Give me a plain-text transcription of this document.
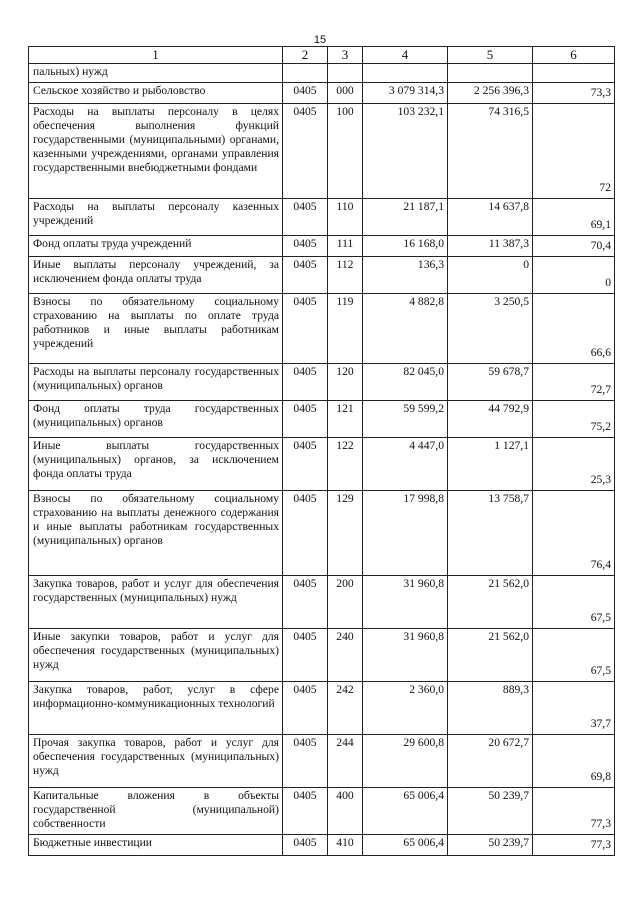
15
1	2	3	4	5	6
пальных) нужд					
Сельское хозяйство и рыболовство	0405	000	3 079 314,3	2 256 396,3	73,3
Расходы на выплаты персоналу в целях обеспечения выполнения функций государственными (муниципальными) органами, казенными учреждениями, органами управления государственными внебюджетными фондами	0405	100	103 232,1	74 316,5	72
Расходы на выплаты персоналу казенных учреждений	0405	110	21 187,1	14 637,8	69,1
Фонд оплаты труда учреждений	0405	111	16 168,0	11 387,3	70,4
Иные выплаты персоналу учреждений, за исключением фонда оплаты труда	0405	112	136,3	0	0
Взносы по обязательному социальному страхованию на выплаты по оплате труда работников и иные выплаты работникам учреждений	0405	119	4 882,8	3 250,5	66,6
Расходы на выплаты персоналу государственных (муниципальных) органов	0405	120	82 045,0	59 678,7	72,7
Фонд оплаты труда государственных (муниципальных) органов	0405	121	59 599,2	44 792,9	75,2
Иные выплаты государственных (муниципальных) органов, за исключением фонда оплаты труда	0405	122	4 447,0	1 127,1	25,3
Взносы по обязательному социальному страхованию на выплаты денежного содержания и иные выплаты работникам государственных (муниципальных) органов	0405	129	17 998,8	13 758,7	76,4
Закупка товаров, работ и услуг для обеспечения государственных (муниципальных) нужд	0405	200	31 960,8	21 562,0	67,5
Иные закупки товаров, работ и услуг для обеспечения государственных (муниципальных) нужд	0405	240	31 960,8	21 562,0	67,5
Закупка товаров, работ, услуг в сфере информационно-коммуникационных технологий	0405	242	2 360,0	889,3	37,7
Прочая закупка товаров, работ и услуг для обеспечения государственных (муниципальных) нужд	0405	244	29 600,8	20 672,7	69,8
Капитальные вложения в объекты государственной (муниципальной) собственности	0405	400	65 006,4	50 239,7	77,3
Бюджетные инвестиции	0405	410	65 006,4	50 239,7	77,3
